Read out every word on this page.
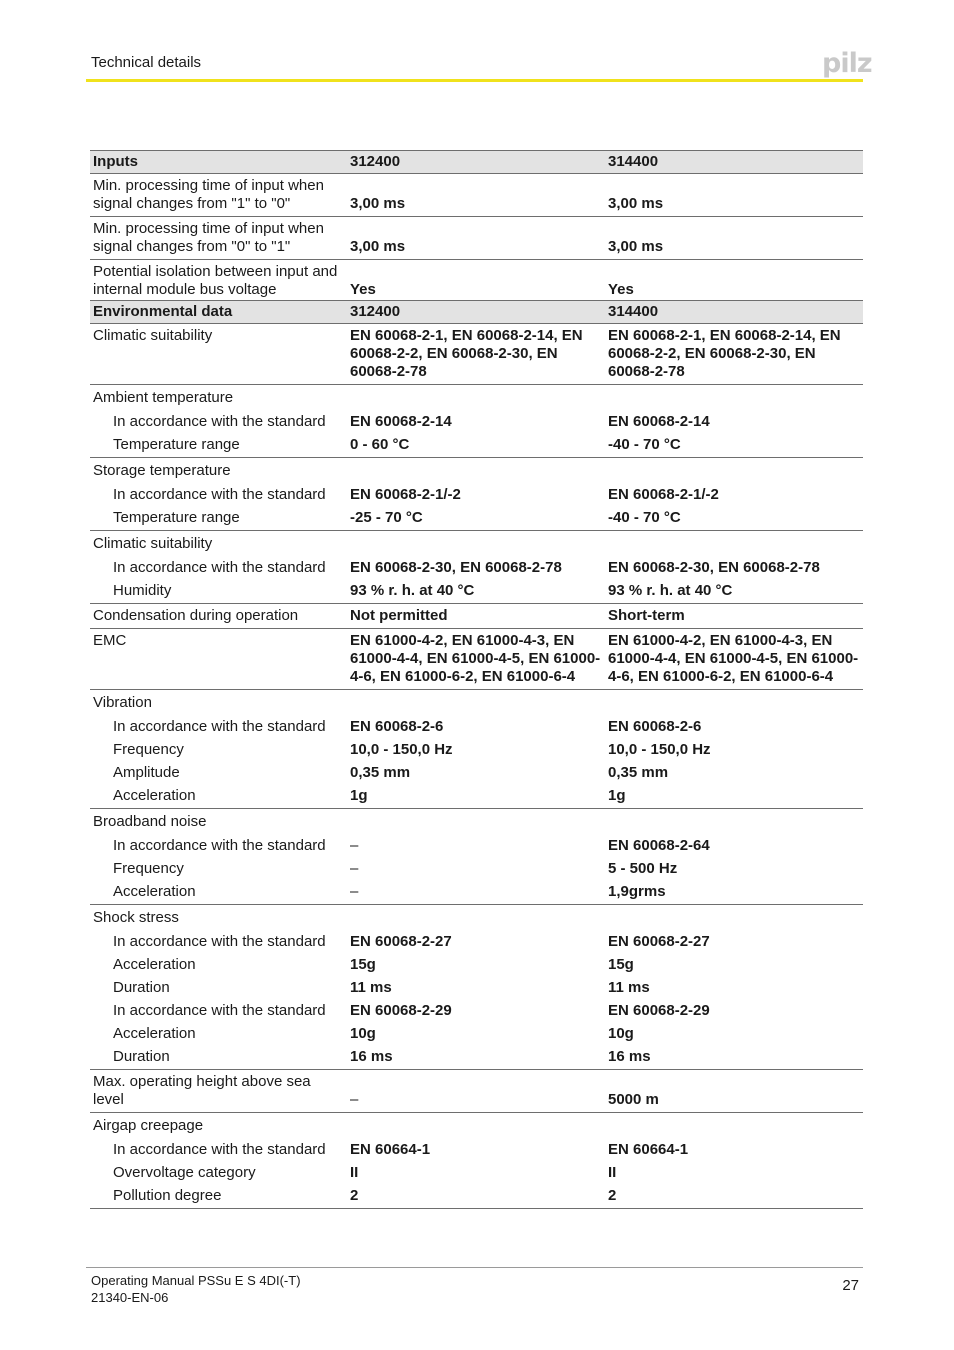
Technical details	pilz
Inputs	312400	314400
Min. processing time of input when signal changes from "1" to "0"	3,00 ms	3,00 ms
Min. processing time of input when signal changes from "0" to "1"	3,00 ms	3,00 ms
Potential isolation between input and internal module bus voltage	Yes	Yes
Environmental data	312400	314400
Climatic suitability	EN 60068-2-1, EN 60068-2-14, EN 60068-2-2, EN 60068-2-30, EN 60068-2-78	EN 60068-2-1, EN 60068-2-14, EN 60068-2-2, EN 60068-2-30, EN 60068-2-78
Ambient temperature		
In accordance with the standard	EN 60068-2-14	EN 60068-2-14
Temperature range	0 - 60 °C	-40 - 70 °C
Storage temperature		
In accordance with the standard	EN 60068-2-1/-2	EN 60068-2-1/-2
Temperature range	-25 - 70 °C	-40 - 70 °C
Climatic suitability		
In accordance with the standard	EN 60068-2-30, EN 60068-2-78	EN 60068-2-30, EN 60068-2-78
Humidity	93 % r. h. at 40 °C	93 % r. h. at 40 °C
Condensation during operation	Not permitted	Short-term
EMC	EN 61000-4-2, EN 61000-4-3, EN 61000-4-4, EN 61000-4-5, EN 61000-4-6, EN 61000-6-2, EN 61000-6-4	EN 61000-4-2, EN 61000-4-3, EN 61000-4-4, EN 61000-4-5, EN 61000-4-6, EN 61000-6-2, EN 61000-6-4
Vibration		
In accordance with the standard	EN 60068-2-6	EN 60068-2-6
Frequency	10,0 - 150,0 Hz	10,0 - 150,0 Hz
Amplitude	0,35 mm	0,35 mm
Acceleration	1g	1g
Broadband noise		
In accordance with the standard	–	EN 60068-2-64
Frequency	–	5 - 500 Hz
Acceleration	–	1,9grms
Shock stress		
In accordance with the standard	EN 60068-2-27	EN 60068-2-27
Acceleration	15g	15g
Duration	11 ms	11 ms
In accordance with the standard	EN 60068-2-29	EN 60068-2-29
Acceleration	10g	10g
Duration	16 ms	16 ms
Max. operating height above sea level	–	5000 m
Airgap creepage		
In accordance with the standard	EN 60664-1	EN 60664-1
Overvoltage category	II	II
Pollution degree	2	2
Operating Manual PSSu E S 4DI(-T)
21340-EN-06
27
